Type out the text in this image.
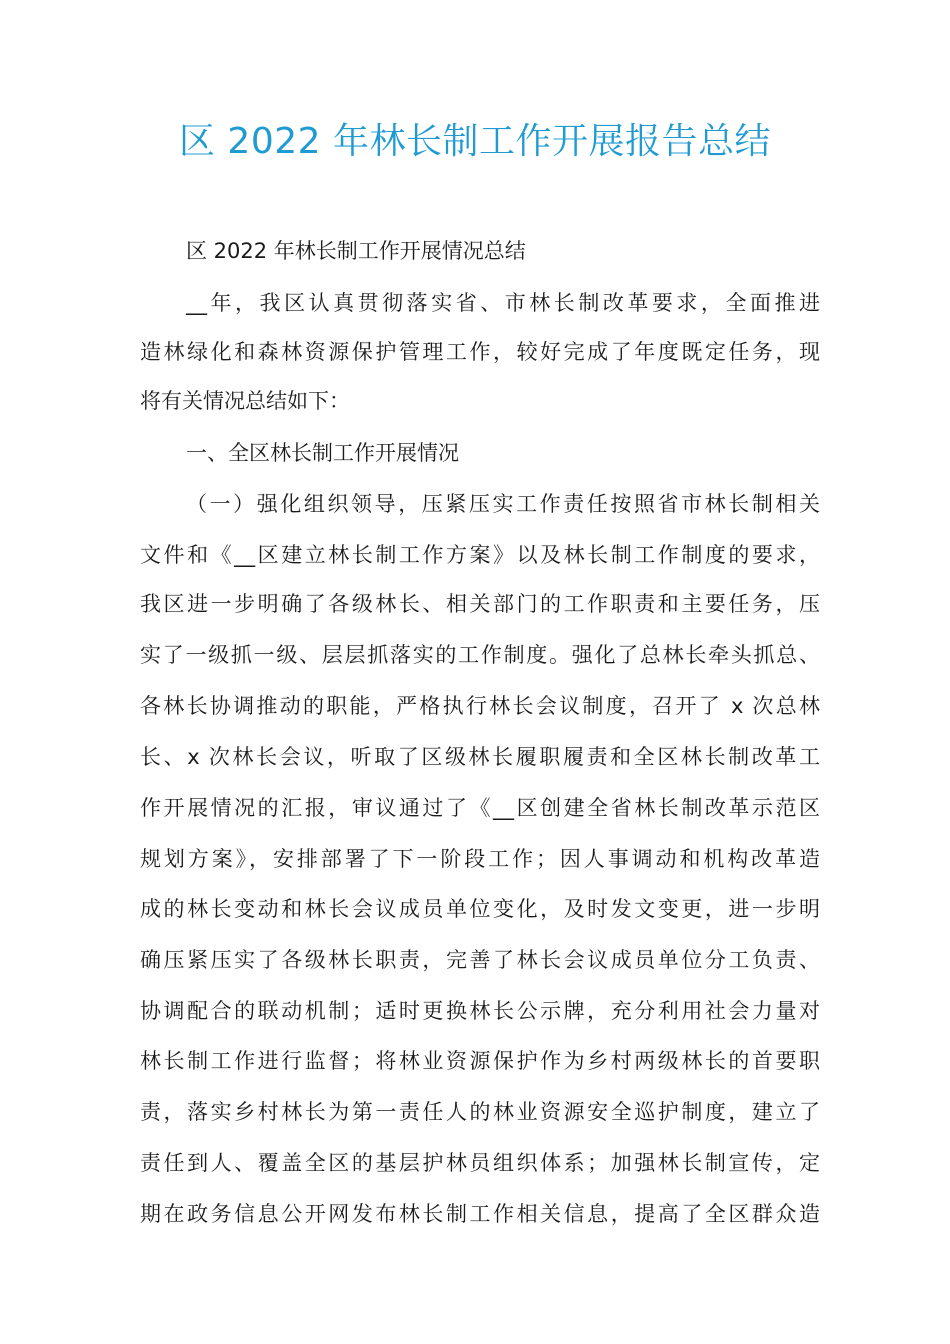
区 2022 年林长制工作开展报告总结
区 2022 年林长制工作开展情况总结
__年，我区认真贯彻落实省、市林长制改革要求，全面推进
造林绿化和森林资源保护管理工作，较好完成了年度既定任务，现
将有关情况总结如下：
一、全区林长制工作开展情况
（一）强化组织领导，压紧压实工作责任按照省市林长制相关
文件和《__区建立林长制工作方案》以及林长制工作制度的要求，
我区进一步明确了各级林长、相关部门的工作职责和主要任务，压
实了一级抓一级、层层抓落实的工作制度。强化了总林长牵头抓总、
各林长协调推动的职能，严格执行林长会议制度，召开了 x 次总林
长、x 次林长会议，听取了区级林长履职履责和全区林长制改革工
作开展情况的汇报，审议通过了《__区创建全省林长制改革示范区
规划方案》，安排部署了下一阶段工作；因人事调动和机构改革造
成的林长变动和林长会议成员单位变化，及时发文变更，进一步明
确压紧压实了各级林长职责，完善了林长会议成员单位分工负责、
协调配合的联动机制；适时更换林长公示牌，充分利用社会力量对
林长制工作进行监督；将林业资源保护作为乡村两级林长的首要职
责，落实乡村林长为第一责任人的林业资源安全巡护制度，建立了
责任到人、覆盖全区的基层护林员组织体系；加强林长制宣传，定
期在政务信息公开网发布林长制工作相关信息，提高了全区群众造
